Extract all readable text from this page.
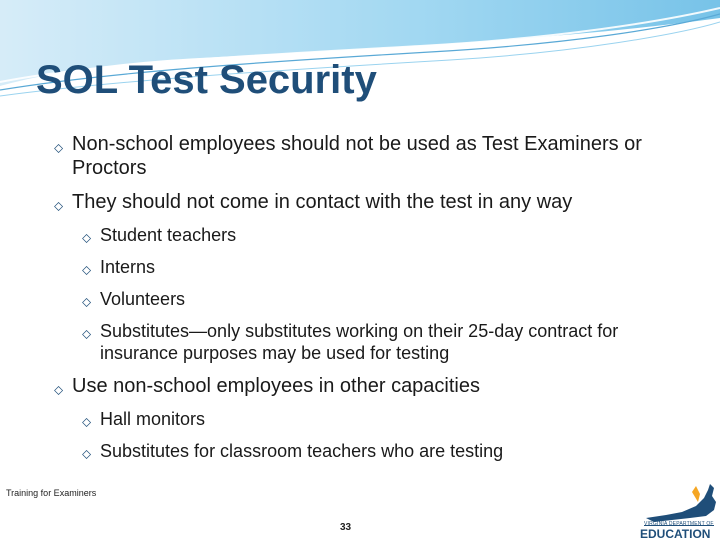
SOL Test Security
⬦ Non-school employees should not be used as Test Examiners or Proctors
⬦ They should not come in contact with the test in any way
⬦ Student teachers
⬦ Interns
⬦ Volunteers
⬦ Substitutes—only substitutes working on their 25-day contract for insurance purposes may be used for testing
⬦ Use non-school employees in other capacities
⬦ Hall monitors
⬦ Substitutes for classroom teachers who are testing
Training for Examiners
33	VIRGINIA DEPARTMENT OF
EDUCATION
